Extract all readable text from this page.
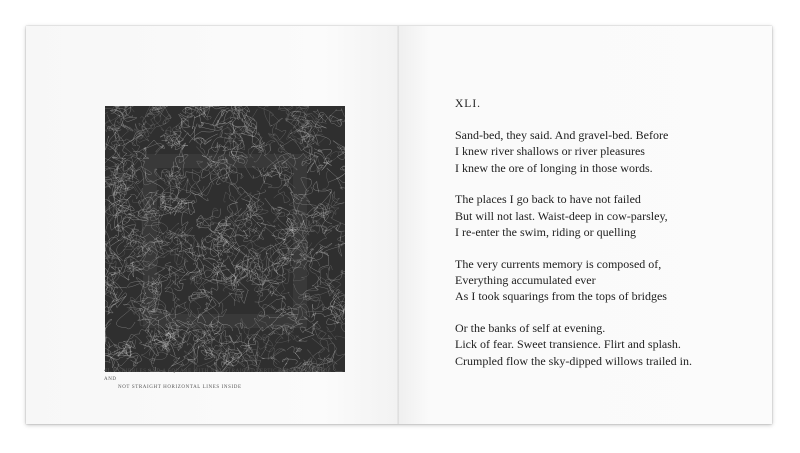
41. SCRIBBLES AND A SQUARE WITH NOT STRAIGHT VERTICAL LINES OUTSIDE AND
NOT STRAIGHT HORIZONTAL LINES INSIDE
XLI.
Sand-bed, they said. And gravel-bed. Before
I knew river shallows or river pleasures
I knew the ore of longing in those words.
The places I go back to have not failed
But will not last. Waist-deep in cow-parsley,
I re-enter the swim, riding or quelling
The very currents memory is composed of,
Everything accumulated ever
As I took squarings from the tops of bridges
Or the banks of self at evening.
Lick of fear. Sweet transience. Flirt and splash.
Crumpled flow the sky-dipped willows trailed in.
